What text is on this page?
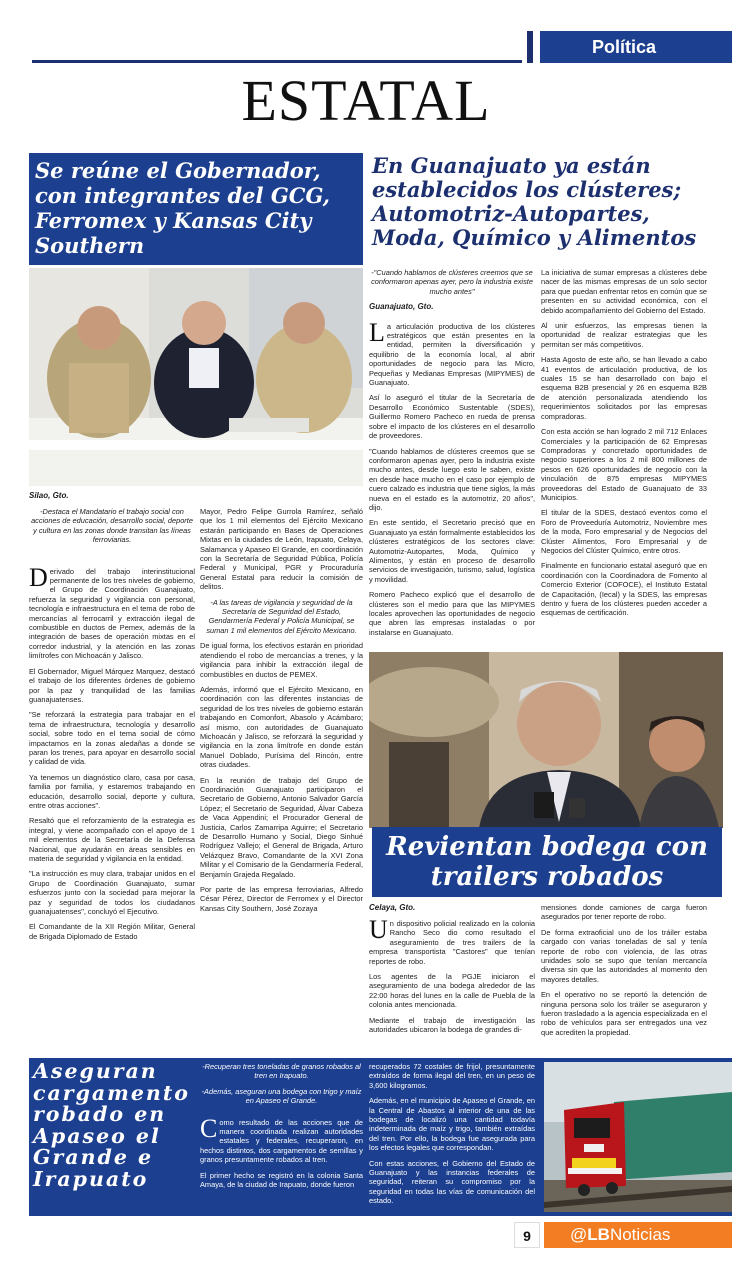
Política
ESTATAL
Se reúne el Gobernador, con integrantes del GCG, Ferromex y Kansas City Southern
En Guanajuato ya están establecidos los clústeres; Automotriz-Autopartes, Moda, Químico y Alimentos
Silao, Gto.

-Destaca el Mandatario el trabajo social con acciones de educación, desarrollo social, deporte y cultura en las zonas donde transitan las líneas ferroviarias.

Derivado del trabajo interinstitucional permanente de los tres niveles de gobierno, el Grupo de Coordinación Guanajuato, refuerza la seguridad y vigilancia con personal, tecnología e infraestructura en el tema de robo de mercancías al ferrocarril y extracción ilegal de combustible en ductos de Pemex, además de la integración de bases de operación mixtas en el corredor industrial, y la atención en las zonas limítrofes con Michoacán y Jalisco.

El Gobernador, Miguel Márquez Marquez, destacó el trabajo de los diferentes órdenes de gobierno por la paz y tranquilidad de las familias guanajuatenses.

"Se reforzará la estrategia para trabajar en el tema de infraestructura, tecnología y desarrollo social, sobre todo en el tema social de cómo impactamos en la zonas aledañas a donde se paran los trenes, para apoyar en desarrollo social y calidad de vida.

Ya tenemos un diagnóstico claro, casa por casa, familia por familia, y estaremos trabajando en educación, desarrollo social, deporte y cultura, entre otras acciones".

Resaltó que el reforzamiento de la estrategia es integral, y viene acompañado con el apoyo de 1 mil elementos de la Secretaría de la Defensa Nacional, que ayudarán en áreas sensibles en materia de seguridad y vigilancia en la entidad.

"La instrucción es muy clara, trabajar unidos en el Grupo de Coordinación Guanajuato, sumar esfuerzos junto con la sociedad para mejorar la paz y seguridad de todos los ciudadanos guanajuatenses", concluyó el Ejecutivo.

El Comandante de la XII Región Militar, General de Brigada Diplomado de Estado

Mayor, Pedro Felipe Gurrola Ramírez, señaló que los 1 mil elementos del Ejército Mexicano estarán participando en Bases de Operaciones Mixtas en la ciudades de León, Irapuato, Celaya, Salamanca y Apaseo El Grande, en coordinación con la Secretaría de Seguridad Pública, Policía Federal y Municipal, PGR y Procuraduría General Estatal para reducir la comisión de delitos.

-A las tareas de vigilancia y seguridad de la Secretaría de Seguridad del Estado, Gendarmería Federal y Policía Municipal, se suman 1 mil elementos del Ejército Mexicano.

De igual forma, los efectivos estarán en prioridad atendiendo el robo de mercancías a trenes, y la vigilancia para inhibir la extracción ilegal de combustibles en ductos de PEMEX.

Además, informó que el Ejército Mexicano, en coordinación con las diferentes instancias de seguridad de los tres niveles de gobierno estarán trabajando en Comonfort, Abasolo y Acámbaro; así mismo, con autoridades de Guanajuato Michoacán y Jalisco, se reforzará la seguridad y vigilancia en la zona limítrofe en donde están Manuel Doblado, Purísima del Rincón, entre otras ciudades.

En la reunión de trabajo del Grupo de Coordinación Guanajuato participaron el Secretario de Gobierno, Antonio Salvador García López; el Secretario de Seguridad, Álvar Cabeza de Vaca Appendini; el Procurador General de Justicia, Carlos Zamarripa Aguirre; el Secretario de Desarrollo Humano y Social, Diego Sinhué Rodríguez Vallejo; el General de Brigada, Arturo Velázquez Bravo, Comandante de la XVI Zona Militar y el Comisario de la Gendarmería Federal, Benjamín Grajeda Regalado.

Por parte de las empresa ferroviarias, Alfredo César Pérez, Director de Ferromex y el Director Kansas City Southern, José Zozaya

-"Cuando hablamos de clústeres creemos que se conformaron apenas ayer, pero la industria existe mucho antes"

Guanajuato, Gto.

La articulación productiva de los clústeres estratégicos que están presentes en la entidad, permiten la diversificación y equilibrio de la economía local, al abrir oportunidades de negocio para las Micro, Pequeñas y Medianas Empresas (MIPYMES) de Guanajuato.

Así lo aseguró el titular de la Secretaría de Desarrollo Económico Sustentable (SDES), Guillermo Romero Pacheco en rueda de prensa sobre el impacto de los clústeres en el desarrollo de proveedores.

"Cuando hablamos de clústeres creemos que se conformaron apenas ayer, pero la industria existe mucho antes, desde luego esto le saben, existe en desde hace mucho en el caso por ejemplo de cuero calzado es industria que tiene siglos, la más nueva en el estado es la automotriz, 20 años", dijo.

En este sentido, el Secretario precisó que en Guanajuato ya están formalmente establecidos los clústeres estratégicos de los sectores clave: Automotriz-Autopartes, Moda, Químico y Alimentos, y están en proceso de desarrollo servicios de investigación, turismo, salud, logística y movilidad.

Romero Pacheco explicó que el desarrollo de clústeres son el medio para que las MIPYMES locales aprovechen las oportunidades de negocio que abren las empresas instaladas o por instalarse en Guanajuato.

La iniciativa de sumar empresas a clústeres debe nacer de las mismas empresas de un solo sector para que puedan enfrentar retos en común que se presenten en su actividad económica, con el debido acompañamiento del Gobierno del Estado.

Al unir esfuerzos, las empresas tienen la oportunidad de realizar estrategias que les permitan ser más competitivos.

Hasta Agosto de este año, se han llevado a cabo 41 eventos de articulación productiva, de los cuales 15 se han desarrollado con bajo el esquema B2B presencial y 26 en esquema B2B de atención personalizada atendiendo los requerimientos solicitados por las empresas compradoras.

Con esta acción se han logrado 2 mil 712 Enlaces Comerciales y la participación de 62 Empresas Compradoras y concretado oportunidades de negocio superiores a los 2 mil 800 millones de pesos en 626 oportunidades de negocio con la vinculación de 875 empresas MIPYMES proveedoras del Estado de Guanajuato de 33 Municipios.

El titular de la SDES, destacó eventos como el Foro de Proveeduría Automotriz, Noviembre mes de la moda, Foro empresarial y de Negocios del Clúster Alimentos, Foro Empresarial y de Negocios del Clúster Químico, entre otros.

Finalmente en funcionario estatal aseguró que en coordinación con la Coordinadora de Fomento al Comercio Exterior (COFOCE), el Instituto Estatal de Capacitación, (Iecal) y la SDES, las empresas dentro y fuera de los clústeres pueden acceder a esquemas de certificación.

Revientan bodega con trailers robados
Celaya, Gto.

Un dispositivo policial realizado en la colonia Rancho Seco dio como resultado el aseguramiento de tres trailers de la empresa transportista "Castores" que tenían reportes de robo.

Los agentes de la PGJE iniciaron el aseguramiento de una bodega alrededor de las 22:00 horas del lunes en la calle de Puebla de la colonia antes mencionada.

Mediante el trabajo de investigación las autoridades ubicaron la bodega de grandes di-

mensiones donde camiones de carga fueron asegurados por tener reporte de robo.

De forma extraoficial uno de los tráiler estaba cargado con varias toneladas de sal y tenía reporte de robo con violencia, de las otras unidades solo se supo que tenían mercancía diversa sin que las autoridades al momento den mayores detalles.

En el operativo no se reportó la detención de ninguna persona solo los tráiler se aseguraron y fueron trasladado a la agencia especializada en el robo de vehículos para ser entregados una vez que acrediten la propiedad.

Aseguran cargamento robado en Apaseo el Grande e Irapuato

-Recuperan tres toneladas de granos robados al tren en Irapuato.

-Además, aseguran una bodega con trigo y maíz en Apaseo el Grande.

Como resultado de las acciones que de manera coordinada realizan autoridades estatales y federales, recuperaron, en hechos distintos, dos cargamentos de semillas y granos presuntamente robados al tren.

El primer hecho se registró en la colonia Santa Amaya, de la ciudad de Irapuato, donde fueron

recuperados 72 costales de frijol, presuntamente extraídos de forma ilegal del tren, en un peso de 3,600 kilogramos.

Además, en el municipio de Apaseo el Grande, en la Central de Abastos al interior de una de las bodegas de localizó una cantidad todavía indeterminada de maíz y trigo, también extraídas del tren. Por ello, la bodega fue asegurada para los efectos legales que correspondan.

Con estas acciones, el Gobierno del Estado de Guanajuato y las instancias federales de seguridad, reiteran su compromiso por la seguridad en todas las vías de comunicación del estado.

9	@LBNoticias
